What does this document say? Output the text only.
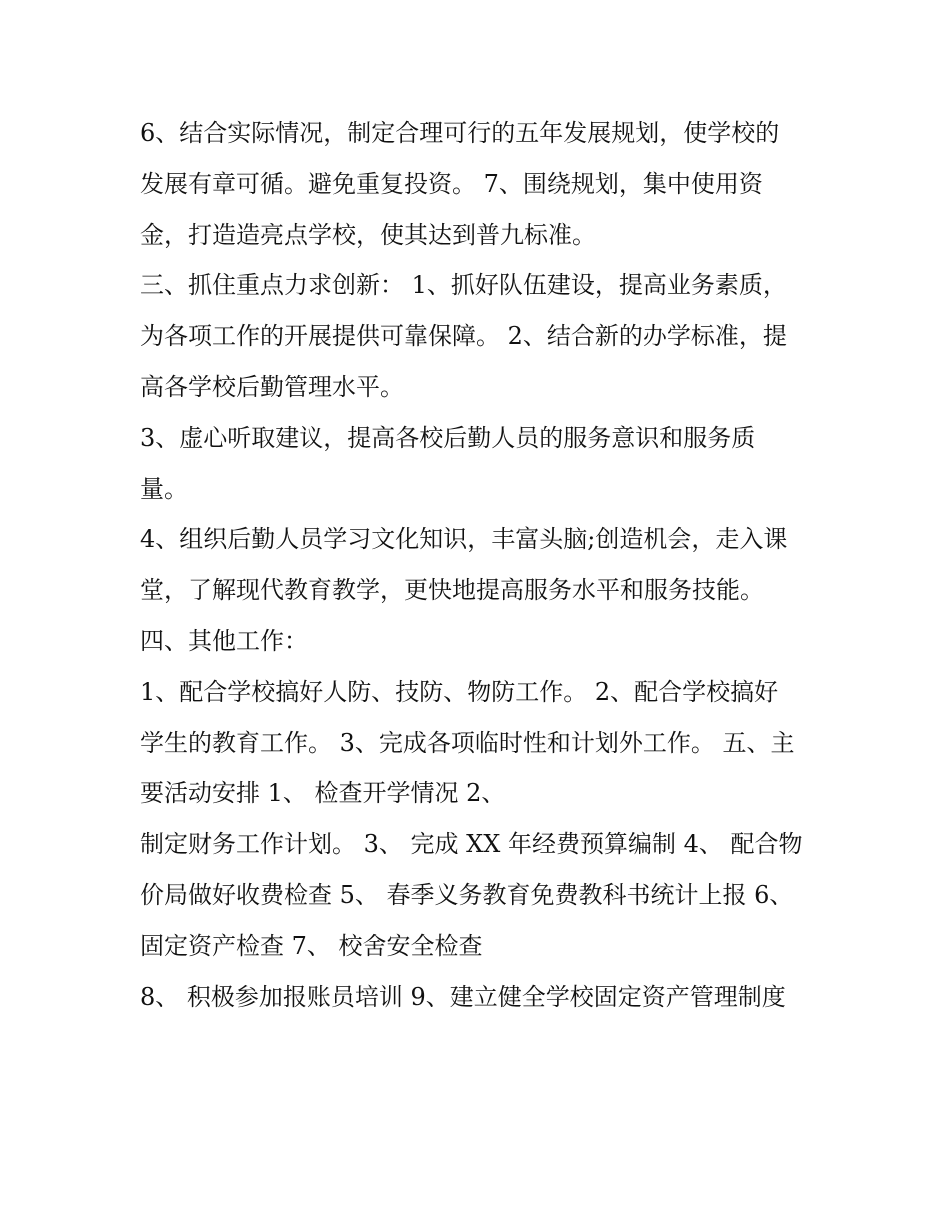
6、结合实际情况，制定合理可行的五年发展规划，使学校的
发展有章可循。避免重复投资。 7、围绕规划，集中使用资
金，打造造亮点学校，使其达到普九标准。
三、抓住重点力求创新： 1、抓好队伍建设，提高业务素质，
为各项工作的开展提供可靠保障。 2、结合新的办学标准，提
高各学校后勤管理水平。
3、虚心听取建议，提高各校后勤人员的服务意识和服务质
量。
4、组织后勤人员学习文化知识，丰富头脑;创造机会，走入课
堂，了解现代教育教学，更快地提高服务水平和服务技能。
四、其他工作：
1、配合学校搞好人防、技防、物防工作。 2、配合学校搞好
学生的教育工作。 3、完成各项临时性和计划外工作。 五、主
要活动安排 1、 检查开学情况 2、
制定财务工作计划。 3、 完成 XX 年经费预算编制 4、 配合物
价局做好收费检查 5、 春季义务教育免费教科书统计上报 6、
固定资产检查 7、 校舍安全检查
8、 积极参加报账员培训 9、建立健全学校固定资产管理制度
